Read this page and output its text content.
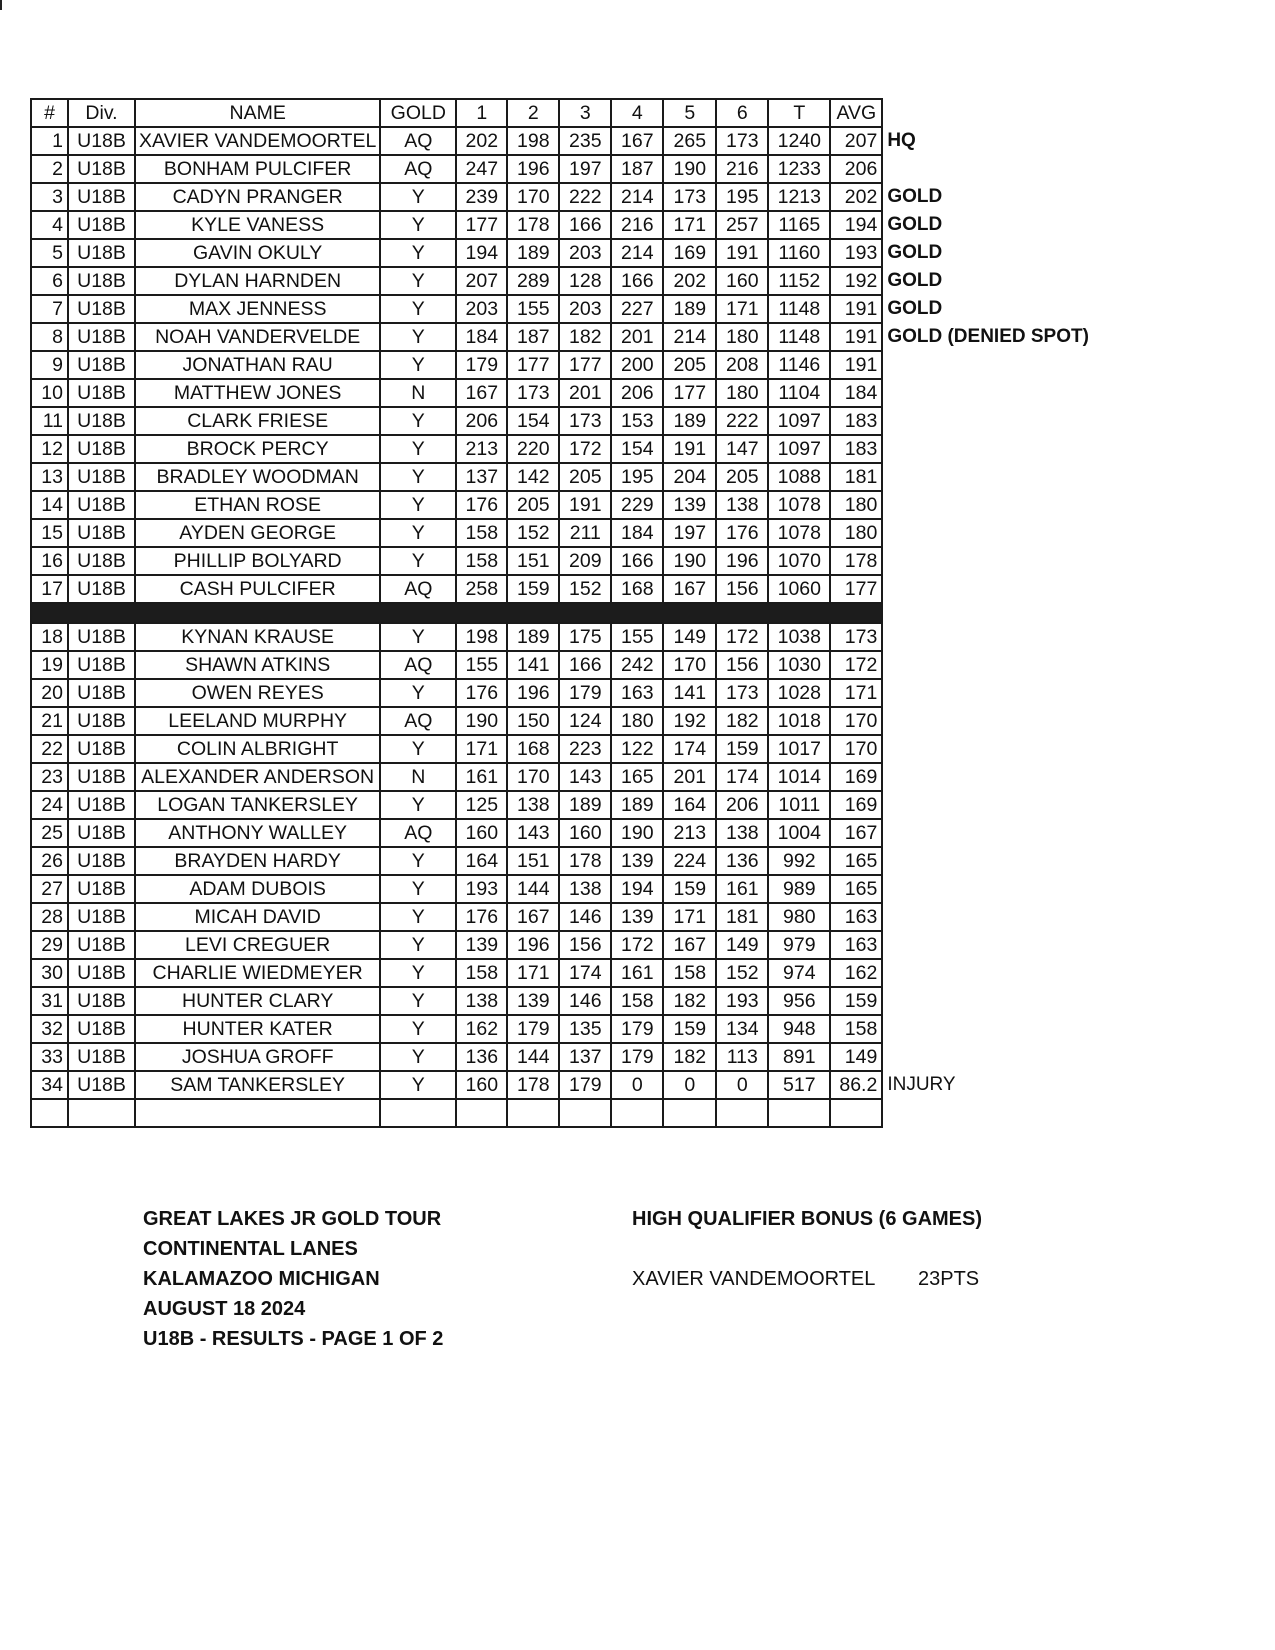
#	Div.	NAME	GOLD	1	2	3	4	5	6	T	AVG	
1	U18B	XAVIER VANDEMOORTEL	AQ	202	198	235	167	265	173	1240	207	HQ
2	U18B	BONHAM PULCIFER	AQ	247	196	197	187	190	216	1233	206	
3	U18B	CADYN PRANGER	Y	239	170	222	214	173	195	1213	202	GOLD
4	U18B	KYLE VANESS	Y	177	178	166	216	171	257	1165	194	GOLD
5	U18B	GAVIN OKULY	Y	194	189	203	214	169	191	1160	193	GOLD
6	U18B	DYLAN HARNDEN	Y	207	289	128	166	202	160	1152	192	GOLD
7	U18B	MAX JENNESS	Y	203	155	203	227	189	171	1148	191	GOLD
8	U18B	NOAH VANDERVELDE	Y	184	187	182	201	214	180	1148	191	GOLD (DENIED SPOT)
9	U18B	JONATHAN RAU	Y	179	177	177	200	205	208	1146	191	
10	U18B	MATTHEW JONES	N	167	173	201	206	177	180	1104	184	
11	U18B	CLARK FRIESE	Y	206	154	173	153	189	222	1097	183	
12	U18B	BROCK PERCY	Y	213	220	172	154	191	147	1097	183	
13	U18B	BRADLEY WOODMAN	Y	137	142	205	195	204	205	1088	181	
14	U18B	ETHAN ROSE	Y	176	205	191	229	139	138	1078	180	
15	U18B	AYDEN GEORGE	Y	158	152	211	184	197	176	1078	180	
16	U18B	PHILLIP BOLYARD	Y	158	151	209	166	190	196	1070	178	
17	U18B	CASH PULCIFER	AQ	258	159	152	168	167	156	1060	177	

18	U18B	KYNAN KRAUSE	Y	198	189	175	155	149	172	1038	173	
19	U18B	SHAWN ATKINS	AQ	155	141	166	242	170	156	1030	172	
20	U18B	OWEN REYES	Y	176	196	179	163	141	173	1028	171	
21	U18B	LEELAND MURPHY	AQ	190	150	124	180	192	182	1018	170	
22	U18B	COLIN ALBRIGHT	Y	171	168	223	122	174	159	1017	170	
23	U18B	ALEXANDER ANDERSON	N	161	170	143	165	201	174	1014	169	
24	U18B	LOGAN TANKERSLEY	Y	125	138	189	189	164	206	1011	169	
25	U18B	ANTHONY WALLEY	AQ	160	143	160	190	213	138	1004	167	
26	U18B	BRAYDEN HARDY	Y	164	151	178	139	224	136	992	165	
27	U18B	ADAM DUBOIS	Y	193	144	138	194	159	161	989	165	
28	U18B	MICAH DAVID	Y	176	167	146	139	171	181	980	163	
29	U18B	LEVI CREGUER	Y	139	196	156	172	167	149	979	163	
30	U18B	CHARLIE WIEDMEYER	Y	158	171	174	161	158	152	974	162	
31	U18B	HUNTER CLARY	Y	138	139	146	158	182	193	956	159	
32	U18B	HUNTER KATER	Y	162	179	135	179	159	134	948	158	
33	U18B	JOSHUA GROFF	Y	136	144	137	179	182	113	891	149	
34	U18B	SAM TANKERSLEY	Y	160	178	179	0	0	0	517	86.2	INJURY

GREAT LAKES JR GOLD TOUR
CONTINENTAL LANES
KALAMAZOO MICHIGAN
AUGUST 18 2024
U18B - RESULTS - PAGE 1 OF 2
HIGH QUALIFIER BONUS (6 GAMES)
XAVIER VANDEMOORTEL 23PTS
